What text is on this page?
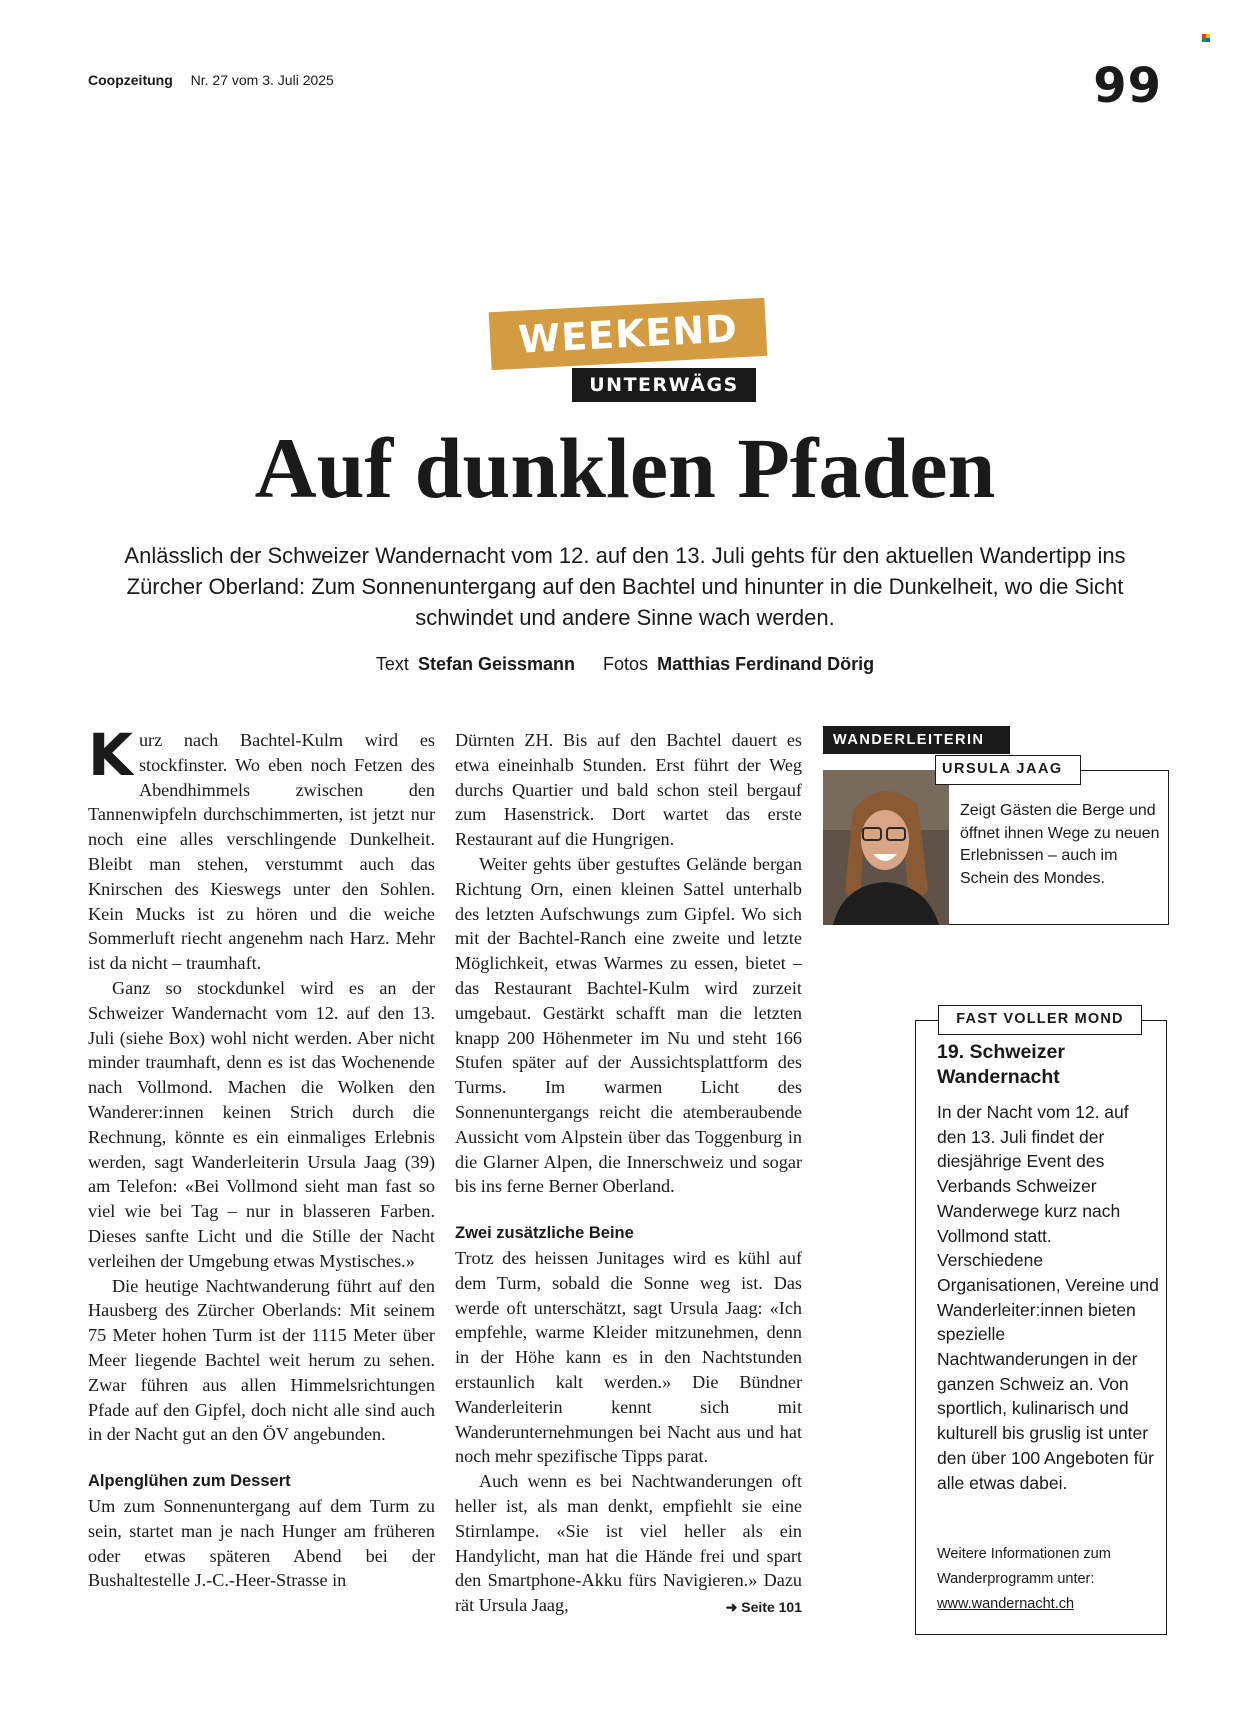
Coopzeitung Nr. 27 vom 3. Juli 2025	99
WEEKEND
UNTERWÄGS
Auf dunklen Pfaden

Anlässlich der Schweizer Wandernacht vom 12. auf den 13. Juli gehts für den aktuellen Wandertipp ins Zürcher Oberland: Zum Sonnenuntergang auf den Bachtel und hinunter in die Dunkelheit, wo die Sicht schwindet und andere Sinne wach werden.

Text Stefan Geissmann Fotos Matthias Ferdinand Dörig

Kurz nach Bachtel-Kulm wird es stockfinster. Wo eben noch Fetzen des Abendhimmels zwischen den Tannenwipfeln durchschimmerten, ist jetzt nur noch eine alles verschlingende Dunkelheit. Bleibt man stehen, verstummt auch das Knirschen des Kieswegs unter den Sohlen. Kein Mucks ist zu hören und die weiche Sommerluft riecht angenehm nach Harz. Mehr ist da nicht – traumhaft.

Ganz so stockdunkel wird es an der Schweizer Wandernacht vom 12. auf den 13. Juli (siehe Box) wohl nicht werden. Aber nicht minder traumhaft, denn es ist das Wochenende nach Vollmond. Machen die Wolken den Wanderer:innen keinen Strich durch die Rechnung, könnte es ein einmaliges Erlebnis werden, sagt Wanderleiterin Ursula Jaag (39) am Telefon: «Bei Vollmond sieht man fast so viel wie bei Tag – nur in blasseren Farben. Dieses sanfte Licht und die Stille der Nacht verleihen der Umgebung etwas Mystisches.»

Die heutige Nachtwanderung führt auf den Hausberg des Zürcher Oberlands: Mit seinem 75 Meter hohen Turm ist der 1115 Meter über Meer liegende Bachtel weit herum zu sehen. Zwar führen aus allen Himmelsrichtungen Pfade auf den Gipfel, doch nicht alle sind auch in der Nacht gut an den ÖV angebunden.

Alpenglühen zum Dessert

Um zum Sonnenuntergang auf dem Turm zu sein, startet man je nach Hunger am früheren oder etwas späteren Abend bei der Bushaltestelle J.-C.-Heer-Strasse in

Dürnten ZH. Bis auf den Bachtel dauert es etwa eineinhalb Stunden. Erst führt der Weg durchs Quartier und bald schon steil bergauf zum Hasenstrick. Dort wartet das erste Restaurant auf die Hungrigen.

Weiter gehts über gestuftes Gelände bergan Richtung Orn, einen kleinen Sattel unterhalb des letzten Aufschwungs zum Gipfel. Wo sich mit der Bachtel-Ranch eine zweite und letzte Möglichkeit, etwas Warmes zu essen, bietet – das Restaurant Bachtel-Kulm wird zurzeit umgebaut. Gestärkt schafft man die letzten knapp 200 Höhenmeter im Nu und steht 166 Stufen später auf der Aussichtsplattform des Turms. Im warmen Licht des Sonnenuntergangs reicht die atemberaubende Aussicht vom Alpstein über das Toggenburg in die Glarner Alpen, die Innerschweiz und sogar bis ins ferne Berner Oberland.

Zwei zusätzliche Beine

Trotz des heissen Junitages wird es kühl auf dem Turm, sobald die Sonne weg ist. Das werde oft unterschätzt, sagt Ursula Jaag: «Ich empfehle, warme Kleider mitzunehmen, denn in der Höhe kann es in den Nachtstunden erstaunlich kalt werden.» Die Bündner Wanderleiterin kennt sich mit Wanderunternehmungen bei Nacht aus und hat noch mehr spezifische Tipps parat.

Auch wenn es bei Nachtwanderungen oft heller ist, als man denkt, empfiehlt sie eine Stirnlampe. «Sie ist viel heller als ein Handylicht, man hat die Hände frei und spart den Smartphone-Akku fürs Navigieren.» Dazu rät Ursula Jaag,	➜ Seite 101

WANDERLEITERIN
URSULA JAAG

Zeigt Gästen die Berge und öffnet ihnen Wege zu neuen Erlebnissen – auch im Schein des Mondes.

FAST VOLLER MOND
19. Schweizer Wandernacht

In der Nacht vom 12. auf den 13. Juli findet der diesjährige Event des Verbands Schweizer Wanderwege kurz nach Vollmond statt. Verschiedene Organisationen, Vereine und Wanderleiter:innen bieten spezielle Nachtwanderungen in der ganzen Schweiz an. Von sportlich, kulinarisch und kulturell bis gruslig ist unter den über 100 Angeboten für alle etwas dabei.

Weitere Informationen zum Wanderprogramm unter:
www.wandernacht.ch
